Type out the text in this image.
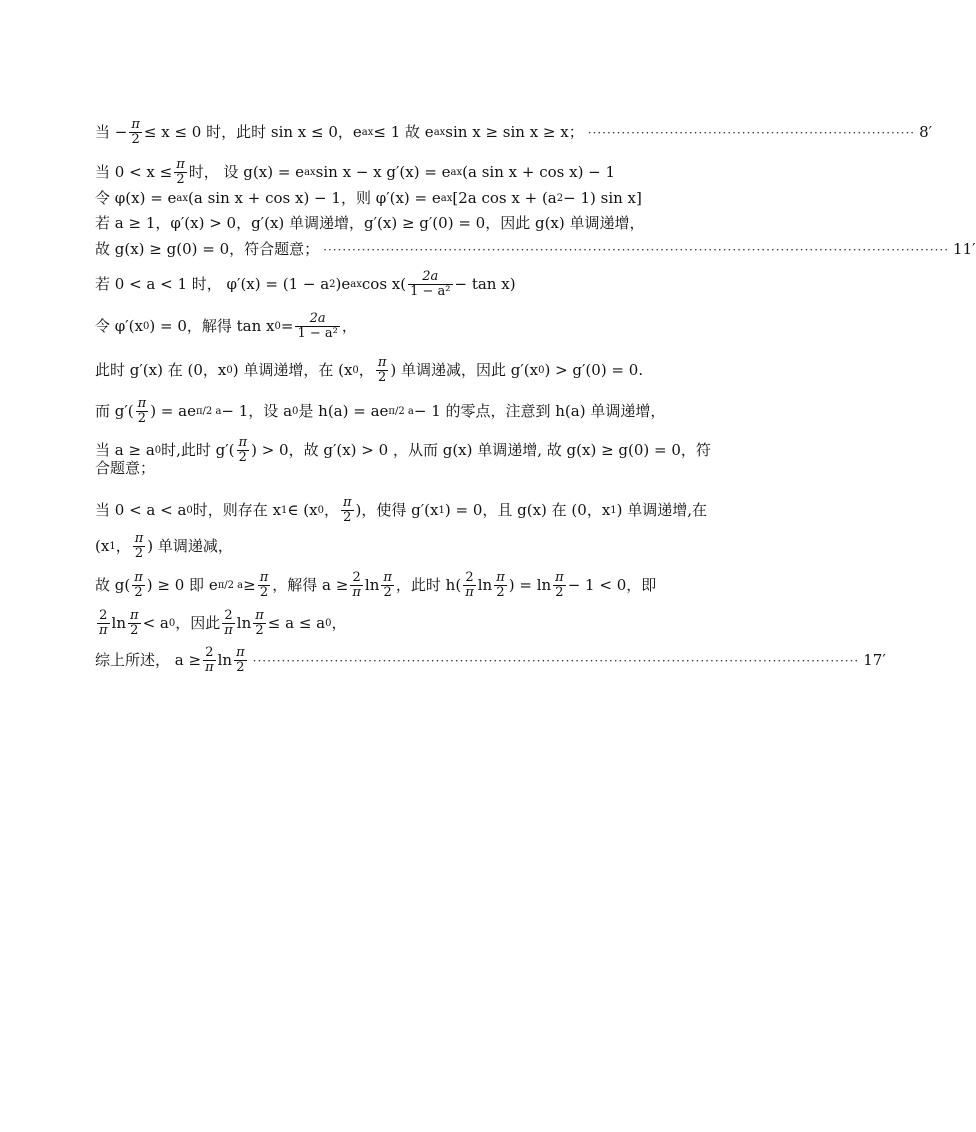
当 − $\frac{\pi}{2} \le x \le 0$ 时，此时 sin x ≤ 0，e ax ≤ 1 故 e ax sin x ≥ sin x ≥ x； ···································································· 8′
当 $0 < x \le \frac{\pi}{2}$ 时， 设 g(x) = e ax sin x − x g′(x) = e ax (a sin x + cos x) − 1
令 φ(x) = e ax (a sin x + cos x) − 1，则 φ′(x) = e ax [2a cos x + (a 2 − 1) sin x]
若 a ≥ 1，φ′(x) > 0，g′(x) 单调递增，g′(x) ≥ g′(0) = 0，因此 g(x) 单调递增，
故 g(x) ≥ g(0) = 0，符合题意； ·································································································································· 11′
若 0 < a < 1 时， φ′(x) = (1 − a 2 )e ax $\cos x( \frac{2a}{\text{1 − a²}} - \tan x)$
令 φ′(x 0 ) = 0，解得 tan x $0 = \frac{2a}{\text{1 − a²}}$ ，
此时 g′(x) 在 (0，x 0 ) 单调递增，在 (x 0 ， $\frac{\pi}{2}$ ) 单调递减，因此 g′(x 0 ) > g′(0) = 0.
而 $g'( \frac{\pi}{2}$ ) = ae π/2 a − 1，设 a 0 是 h(a) = ae π/2 a − 1 的零点，注意到 h(a) 单调递增，
当 a ≥ a 0 时,此时 $g'( \frac{\pi}{2}$ ) > 0，故 g′(x) > 0 ，从而 g(x) 单调递增, 故 g(x) ≥ g(0) = 0，符
合题意；
当 0 < a < a 0 时，则存在 x 1 ∈ (x 0 ， $\frac{\pi}{2}$ )，使得 g′(x 1 ) = 0，且 g(x) 在 (0，x 1 ) 单调递增,在
(x 1 ， $\frac{\pi}{2}$ ) 单调递减，
故 $g( \frac{\pi}{2}$ ) ≥ 0 即 e π/2 $a \ge \frac{\pi}{2}$ ，解得 $a \ge \frac{2}{\pi}$ $\ln \frac{\pi}{2}$ ，此时 $h( \frac{2}{\pi}$ $\ln \frac{\pi}{2}$ ) = $\ln \frac{\pi}{2} - 1 < 0$，即
$\frac{2}{\pi}$ $\ln \frac{\pi}{2} < a$ 0 ，因此 $\frac{2}{\pi}$ $\ln \frac{\pi}{2} \le a \le a$ 0 ，
综上所述， $a \ge \frac{2}{\pi}$ $\ln \frac{\pi}{2}$ ······························································································································ 17′
